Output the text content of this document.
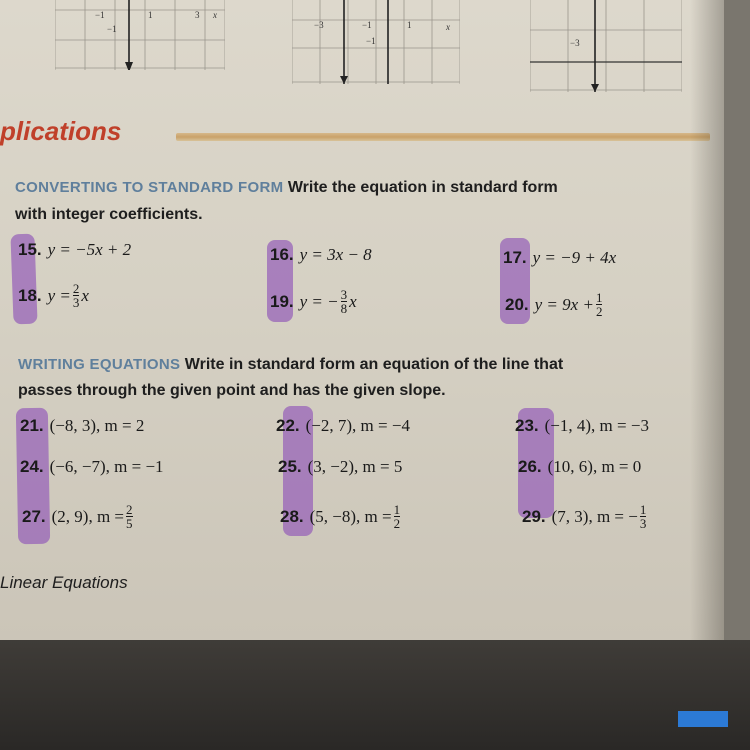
−1	1	3 x
−1	−3	−1	1	x
−1	−3
plications
CONVERTING TO STANDARD FORM Write the equation in standard form
with integer coefficients.
15. y = −5x + 2	16. y = 3x − 8	17. y = −9 + 4x
18. $y = \frac{2}{3}$ x	19. y = − $\frac{3}{8}$ x	20. $y = 9x + \frac{1}{2}$
WRITING EQUATIONS Write in standard form an equation of the line that
passes through the given point and has the given slope.
21. (−8, 3), m = 2	22. (−2, 7), m = −4	23. (−1, 4), m = −3
24. (−6, −7), m = −1	25. (3, −2), m = 5	26. (10, 6), m = 0
27. (2, 9), $m = \frac{2}{5}$	28. (5, −8), $m = \frac{1}{2}$	29. (7, 3), m = − $\frac{1}{3}$
Linear Equations
